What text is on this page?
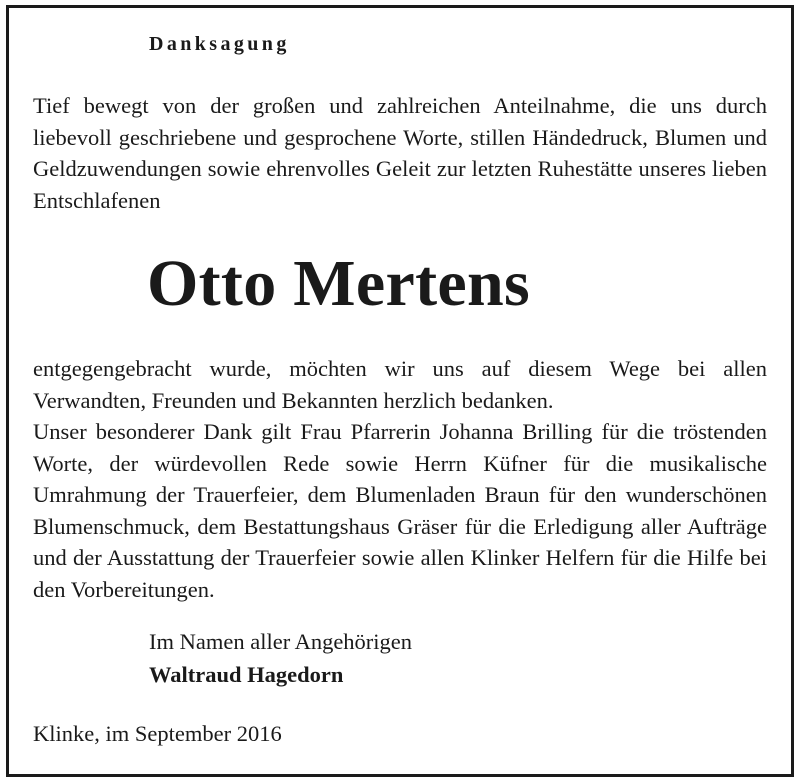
Danksagung

Tief bewegt von der großen und zahlreichen Anteilnahme, die uns durch liebevoll geschriebene und gesprochene Worte, stillen Händedruck, Blumen und Geldzuwendungen sowie ehrenvolles Geleit zur letzten Ruhestätte unseres lieben Entschlafenen

Otto Mertens

entgegengebracht wurde, möchten wir uns auf diesem Wege bei allen Verwandten, Freunden und Bekannten herzlich bedanken.

Unser besonderer Dank gilt Frau Pfarrerin Johanna Brilling für die tröstenden Worte, der würdevollen Rede sowie Herrn Küfner für die musikalische Umrahmung der Trauerfeier, dem Blumenladen Braun für den wunderschönen Blumenschmuck, dem Bestattungshaus Gräser für die Erledigung aller Aufträge und der Ausstattung der Trauerfeier sowie allen Klinker Helfern für die Hilfe bei den Vorbereitungen.

Im Namen aller Angehörigen
Waltraud Hagedorn
Klinke, im September 2016
